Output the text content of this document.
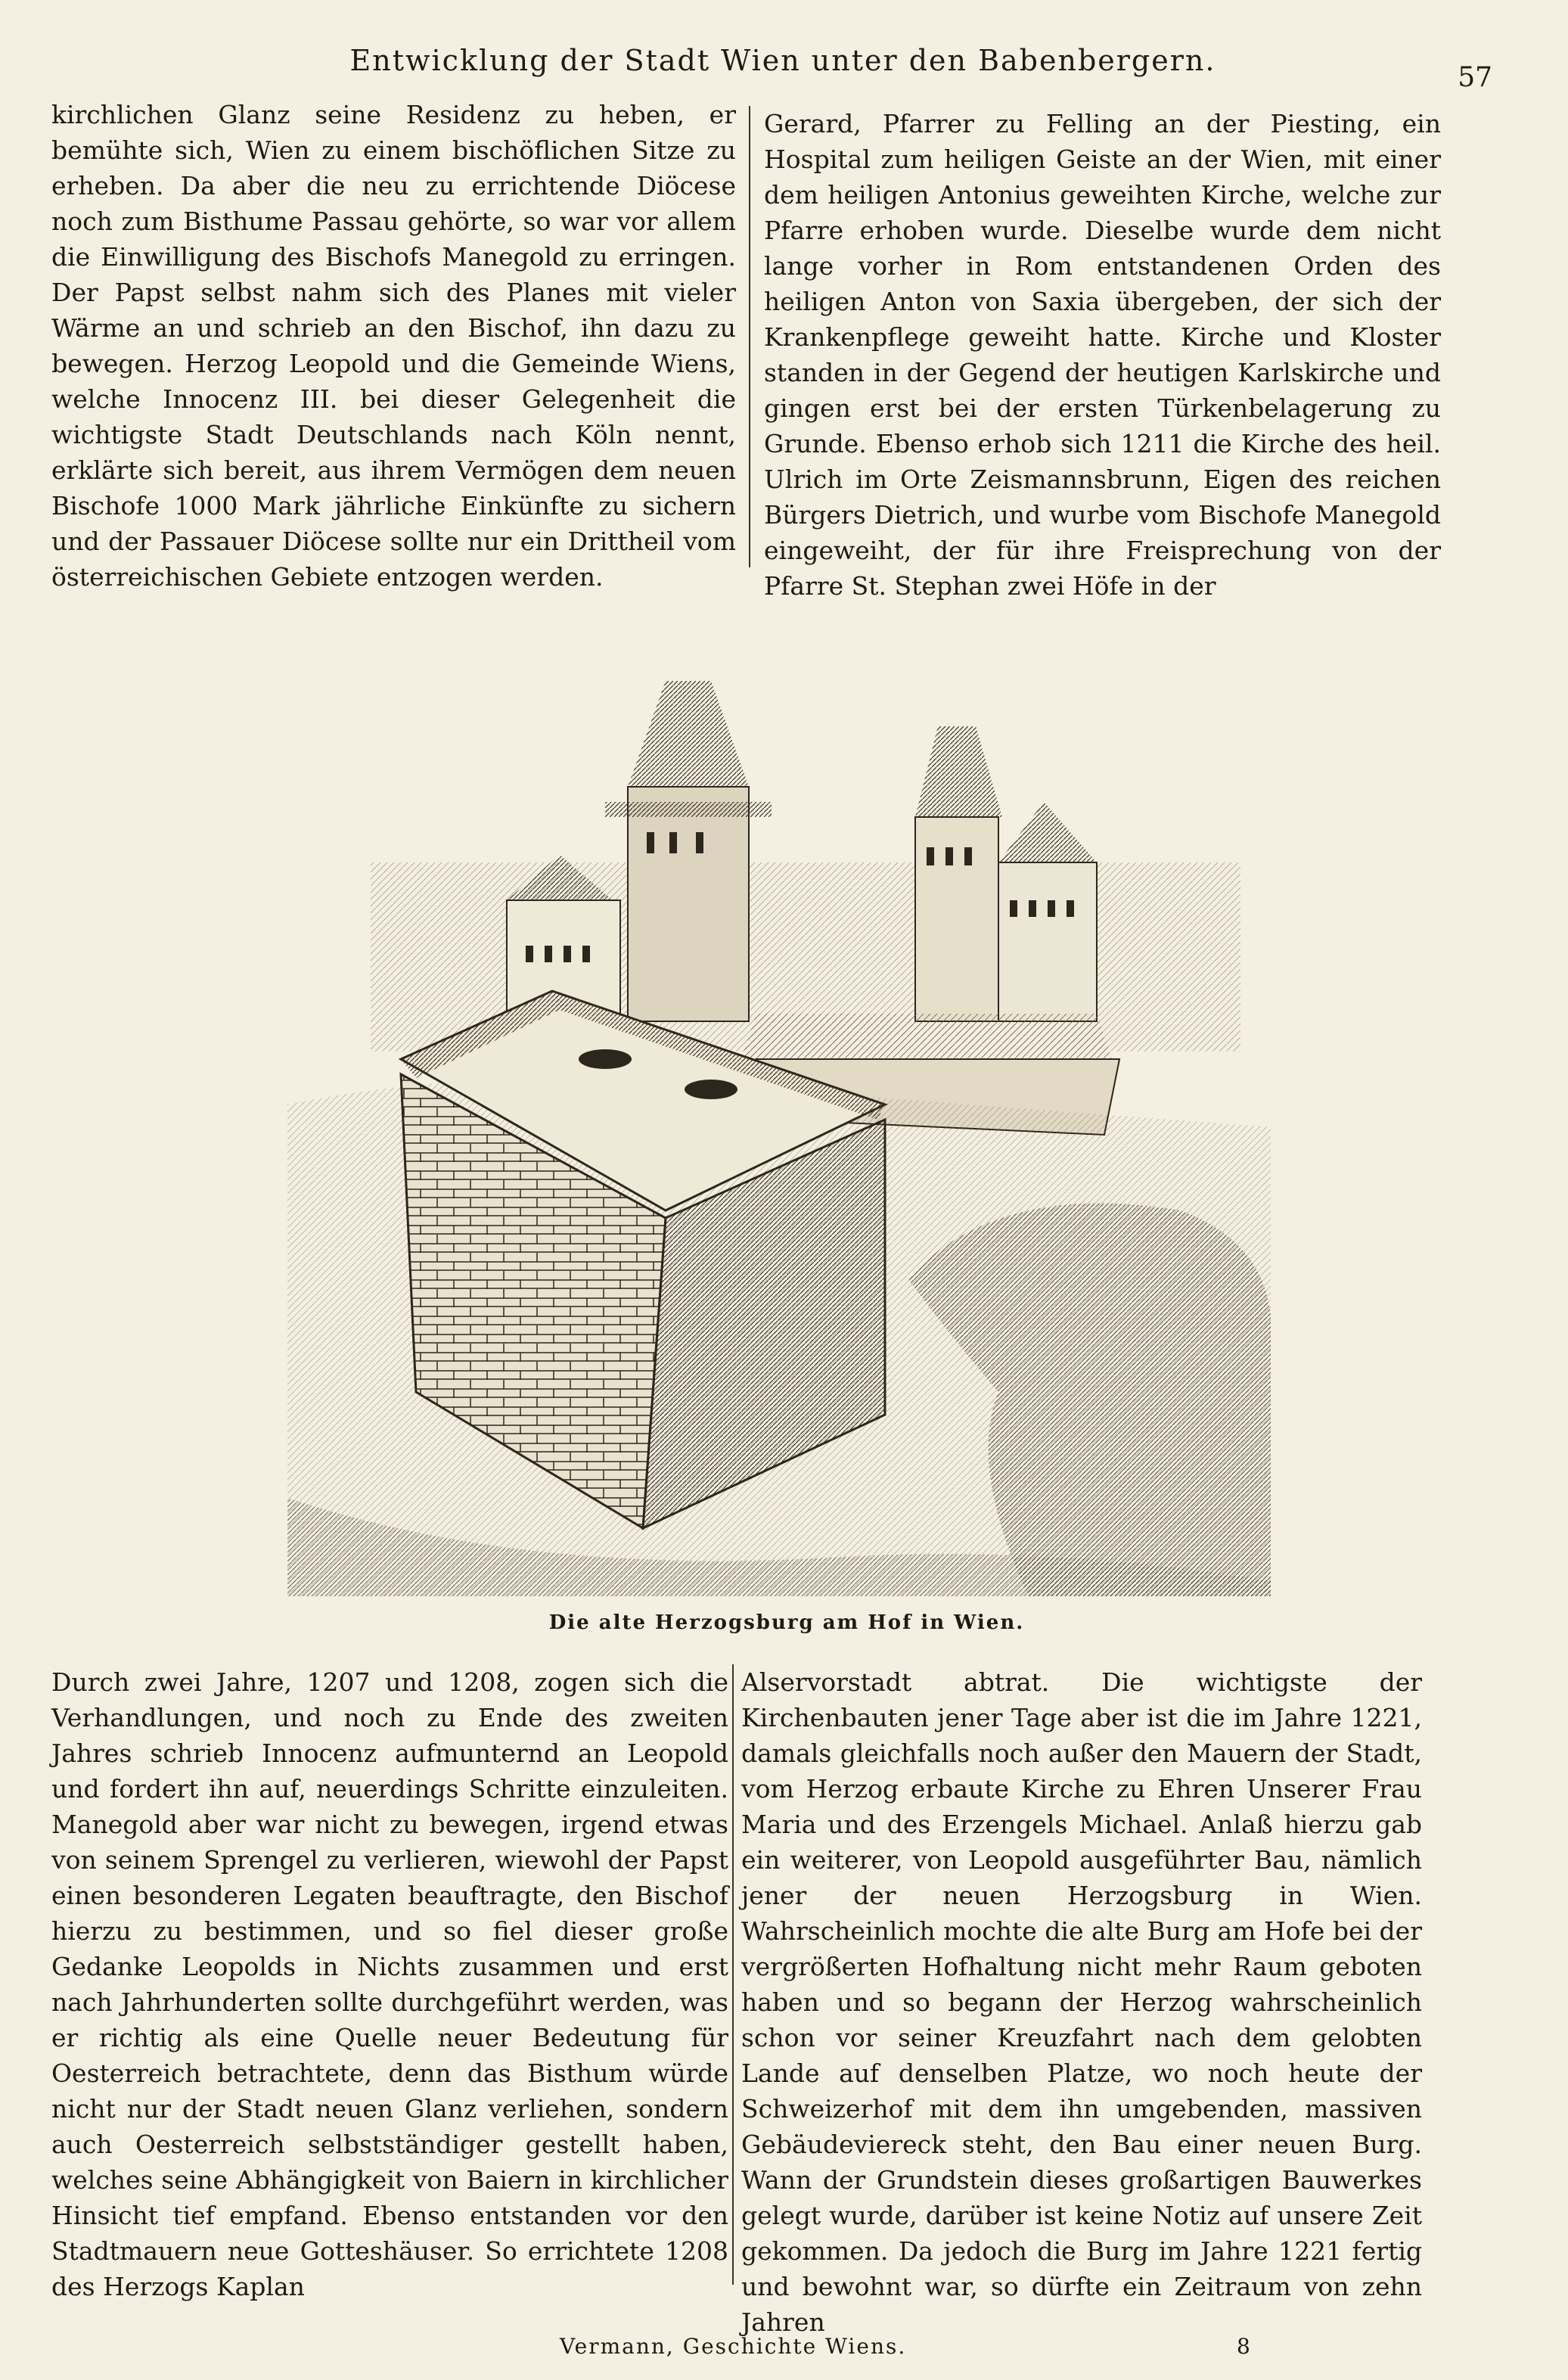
Entwicklung der Stadt Wien unter den Babenbergern.
57

kirchlichen Glanz seine Residenz zu heben, er bemühte sich, Wien zu einem bischöflichen Sitze zu erheben. Da aber die neu zu errichtende Diöcese noch zum Bisthume Passau gehörte, so war vor allem die Einwilligung des Bischofs Manegold zu erringen. Der Papst selbst nahm sich des Planes mit vieler Wärme an und schrieb an den Bischof, ihn dazu zu bewegen. Herzog Leopold und die Gemeinde Wiens, welche Innocenz III. bei dieser Gelegenheit die wichtigste Stadt Deutschlands nach Köln nennt, erklärte sich bereit, aus ihrem Vermögen dem neuen Bischofe 1000 Mark jährliche Einkünfte zu sichern und der Passauer Diöcese sollte nur ein Drittheil vom österreichischen Gebiete entzogen werden.

Gerard, Pfarrer zu Felling an der Piesting, ein Hospital zum heiligen Geiste an der Wien, mit einer dem heiligen Antonius geweihten Kirche, welche zur Pfarre erhoben wurde. Dieselbe wurde dem nicht lange vorher in Rom entstandenen Orden des heiligen Anton von Saxia übergeben, der sich der Krankenpflege geweiht hatte. Kirche und Kloster standen in der Gegend der heutigen Karlskirche und gingen erst bei der ersten Türkenbelagerung zu Grunde. Ebenso erhob sich 1211 die Kirche des heil. Ulrich im Orte Zeismannsbrunn, Eigen des reichen Bürgers Dietrich, und wurbe vom Bischofe Manegold eingeweiht, der für ihre Freisprechung von der Pfarre St. Stephan zwei Höfe in der

Die alte Herzogsburg am Hof in Wien.

Durch zwei Jahre, 1207 und 1208, zogen sich die Verhandlungen, und noch zu Ende des zweiten Jahres schrieb Innocenz aufmunternd an Leopold und fordert ihn auf, neuerdings Schritte einzuleiten. Manegold aber war nicht zu bewegen, irgend etwas von seinem Sprengel zu verlieren, wiewohl der Papst einen besonderen Legaten beauftragte, den Bischof hierzu zu bestimmen, und so fiel dieser große Gedanke Leopolds in Nichts zusammen und erst nach Jahrhunderten sollte durchgeführt werden, was er richtig als eine Quelle neuer Bedeutung für Oesterreich betrachtete, denn das Bisthum würde nicht nur der Stadt neuen Glanz verliehen, sondern auch Oesterreich selbstständiger gestellt haben, welches seine Abhängigkeit von Baiern in kirchlicher Hinsicht tief empfand. Ebenso entstanden vor den Stadtmauern neue Gotteshäuser. So errichtete 1208 des Herzogs Kaplan

Alservorstadt abtrat. Die wichtigste der Kirchenbauten jener Tage aber ist die im Jahre 1221, damals gleichfalls noch außer den Mauern der Stadt, vom Herzog erbaute Kirche zu Ehren Unserer Frau Maria und des Erzengels Michael. Anlaß hierzu gab ein weiterer, von Leopold ausgeführter Bau, nämlich jener der neuen Herzogsburg in Wien. Wahrscheinlich mochte die alte Burg am Hofe bei der vergrößerten Hofhaltung nicht mehr Raum geboten haben und so begann der Herzog wahrscheinlich schon vor seiner Kreuzfahrt nach dem gelobten Lande auf denselben Platze, wo noch heute der Schweizerhof mit dem ihn umgebenden, massiven Gebäudeviereck steht, den Bau einer neuen Burg. Wann der Grundstein dieses großartigen Bauwerkes gelegt wurde, darüber ist keine Notiz auf unsere Zeit gekommen. Da jedoch die Burg im Jahre 1221 fertig und bewohnt war, so dürfte ein Zeitraum von zehn Jahren

Vermann, Geschichte Wiens.	8
